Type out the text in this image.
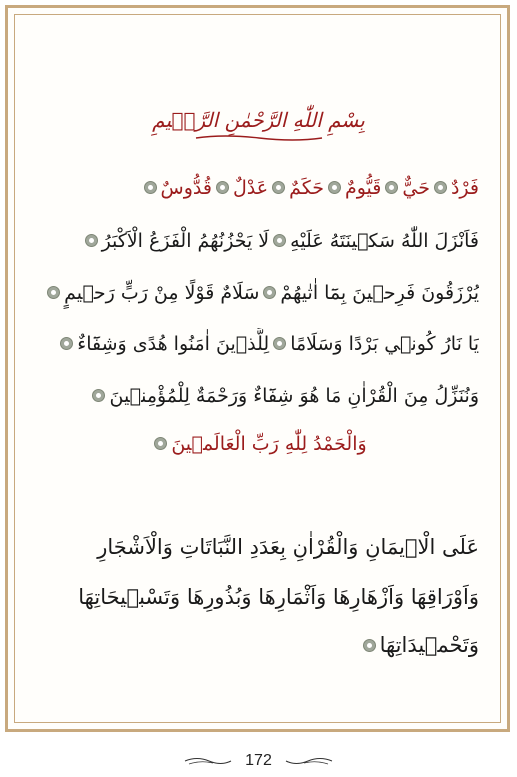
بِسْمِ اللّٰهِ الرَّحْمٰنِ الرَّح۪يمِ
فَرْدٌحَيٌّقَيُّومٌحَكَمٌعَدْلٌقُدُّوسٌ
فَاَنْزَلَ اللّٰهُ سَك۪ينَتَهُ عَلَيْهِلَا يَحْزُنُهُمُ الْفَزَعُ الْاَكْبَرُ
يُرْزَقُونَ فَرِح۪ينَ بِمَٓا اٰتٰيهُمْسَلَامٌ قَوْلًا مِنْ رَبٍّ رَح۪يمٍ
يَا نَارُ كُون۪ي بَرْدًا وَسَلَامًالِلَّذ۪ينَ اٰمَنُوا هُدًى وَشِفَٓاءٌ
وَنُنَزِّلُ مِنَ الْقُرْاٰنِ مَا هُوَ شِفَٓاءٌ وَرَحْمَةٌ لِلْمُؤْمِن۪ينَ
وَالْحَمْدُ لِلّٰهِ رَبِّ الْعَالَم۪ينَ
عَلَى الْا۪يمَانِ وَالْقُرْاٰنِ بِعَدَدِ النَّبَاتَاتِ وَالْاَشْجَارِ
وَاَوْرَاقِهَا وَاَزْهَارِهَا وَاَثْمَارِهَا وَبُذُورِهَا وَتَسْب۪يحَاتِهَا
وَتَحْم۪يدَاتِهَا
172
